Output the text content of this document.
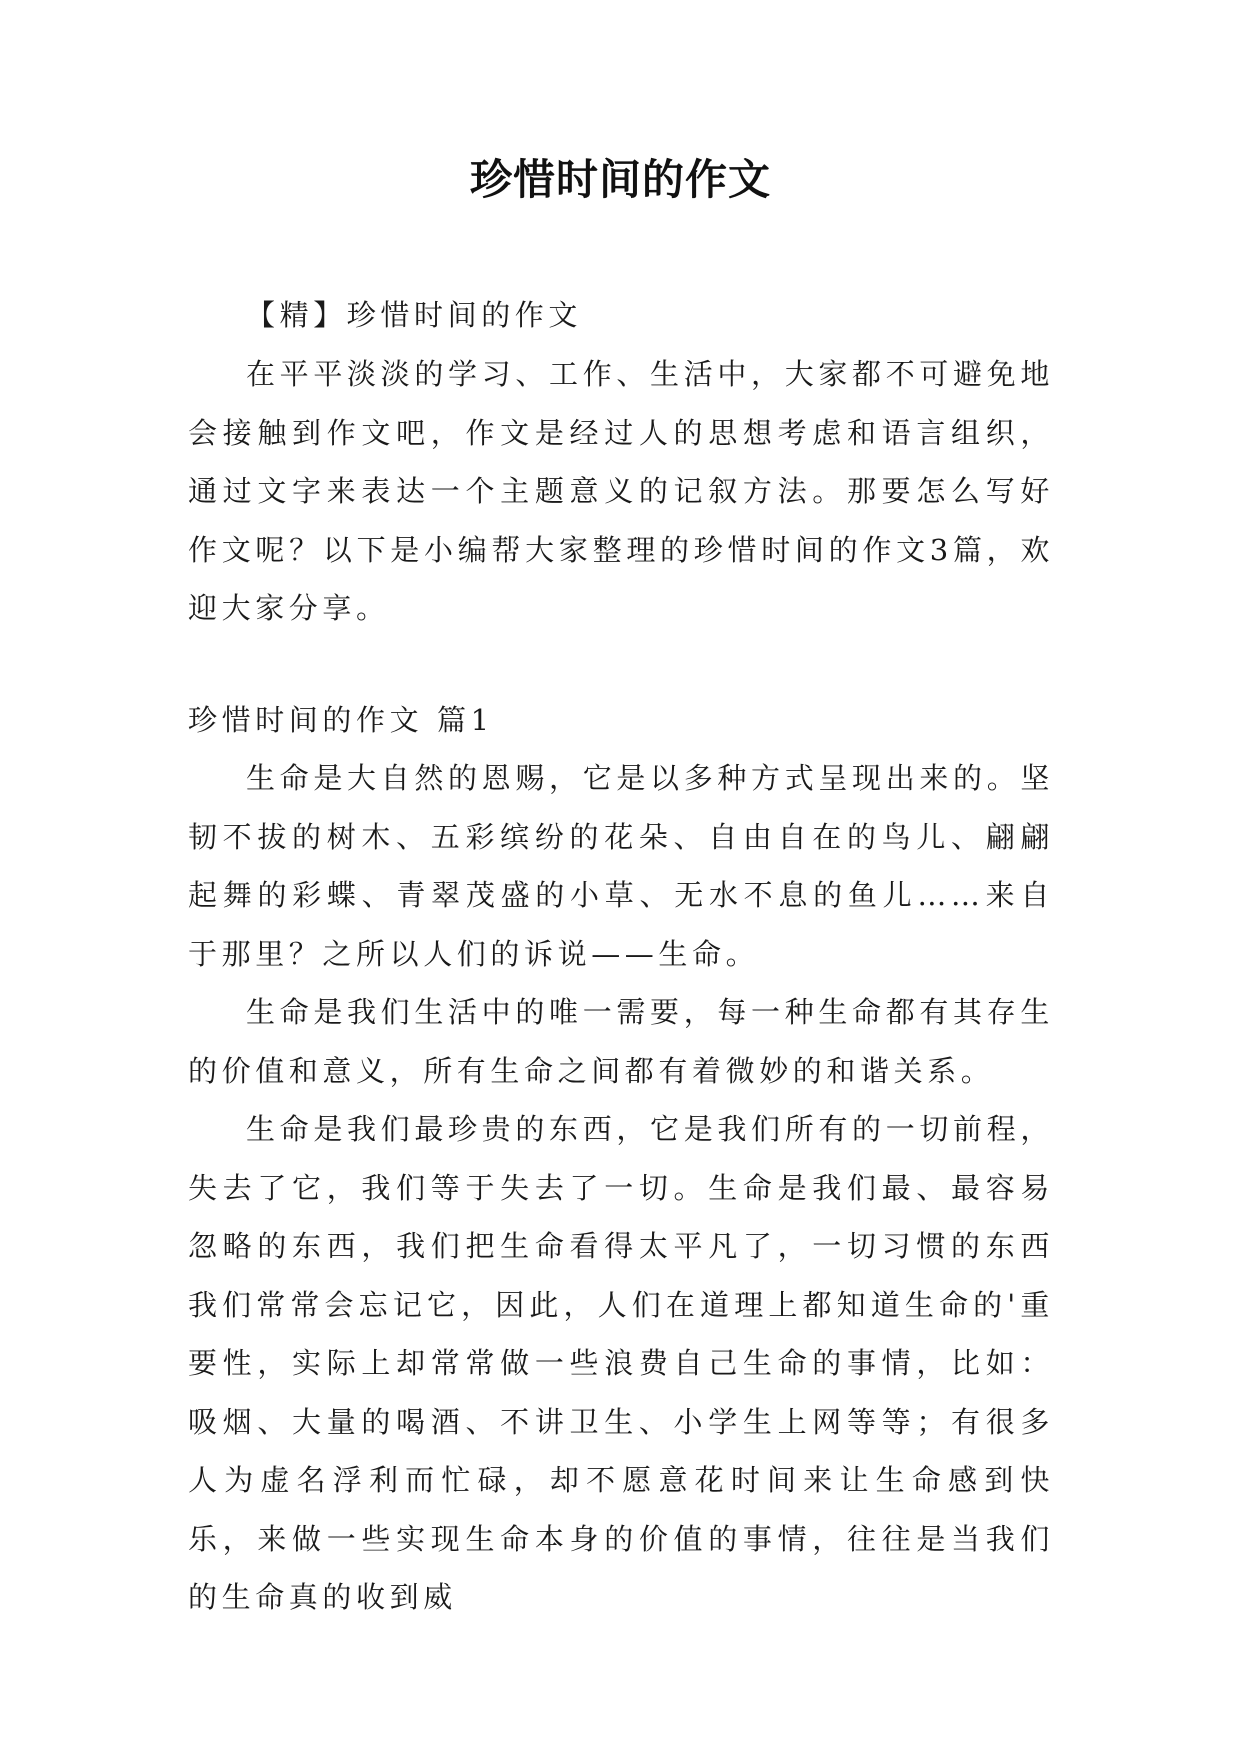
珍惜时间的作文

【精】珍惜时间的作文

在平平淡淡的学习、工作、生活中，大家都不可避免地会接触到作文吧，作文是经过人的思想考虑和语言组织，通过文字来表达一个主题意义的记叙方法。那要怎么写好作文呢？以下是小编帮大家整理的珍惜时间的作文3篇，欢迎大家分享。

珍惜时间的作文 篇1

生命是大自然的恩赐，它是以多种方式呈现出来的。坚韧不拔的树木、五彩缤纷的花朵、自由自在的鸟儿、翩翩起舞的彩蝶、青翠茂盛的小草、无水不息的鱼儿……来自于那里？之所以人们的诉说——生命。

生命是我们生活中的唯一需要，每一种生命都有其存生的价值和意义，所有生命之间都有着微妙的和谐关系。

生命是我们最珍贵的东西，它是我们所有的一切前程，失去了它，我们等于失去了一切。生命是我们最、最容易忽略的东西，我们把生命看得太平凡了，一切习惯的东西我们常常会忘记它，因此，人们在道理上都知道生命的'重要性，实际上却常常做一些浪费自己生命的事情，比如：吸烟、大量的喝酒、不讲卫生、小学生上网等等；有很多人为虚名浮利而忙碌，却不愿意花时间来让生命感到快乐，来做一些实现生命本身的价值的事情，往往是当我们的生命真的收到威
